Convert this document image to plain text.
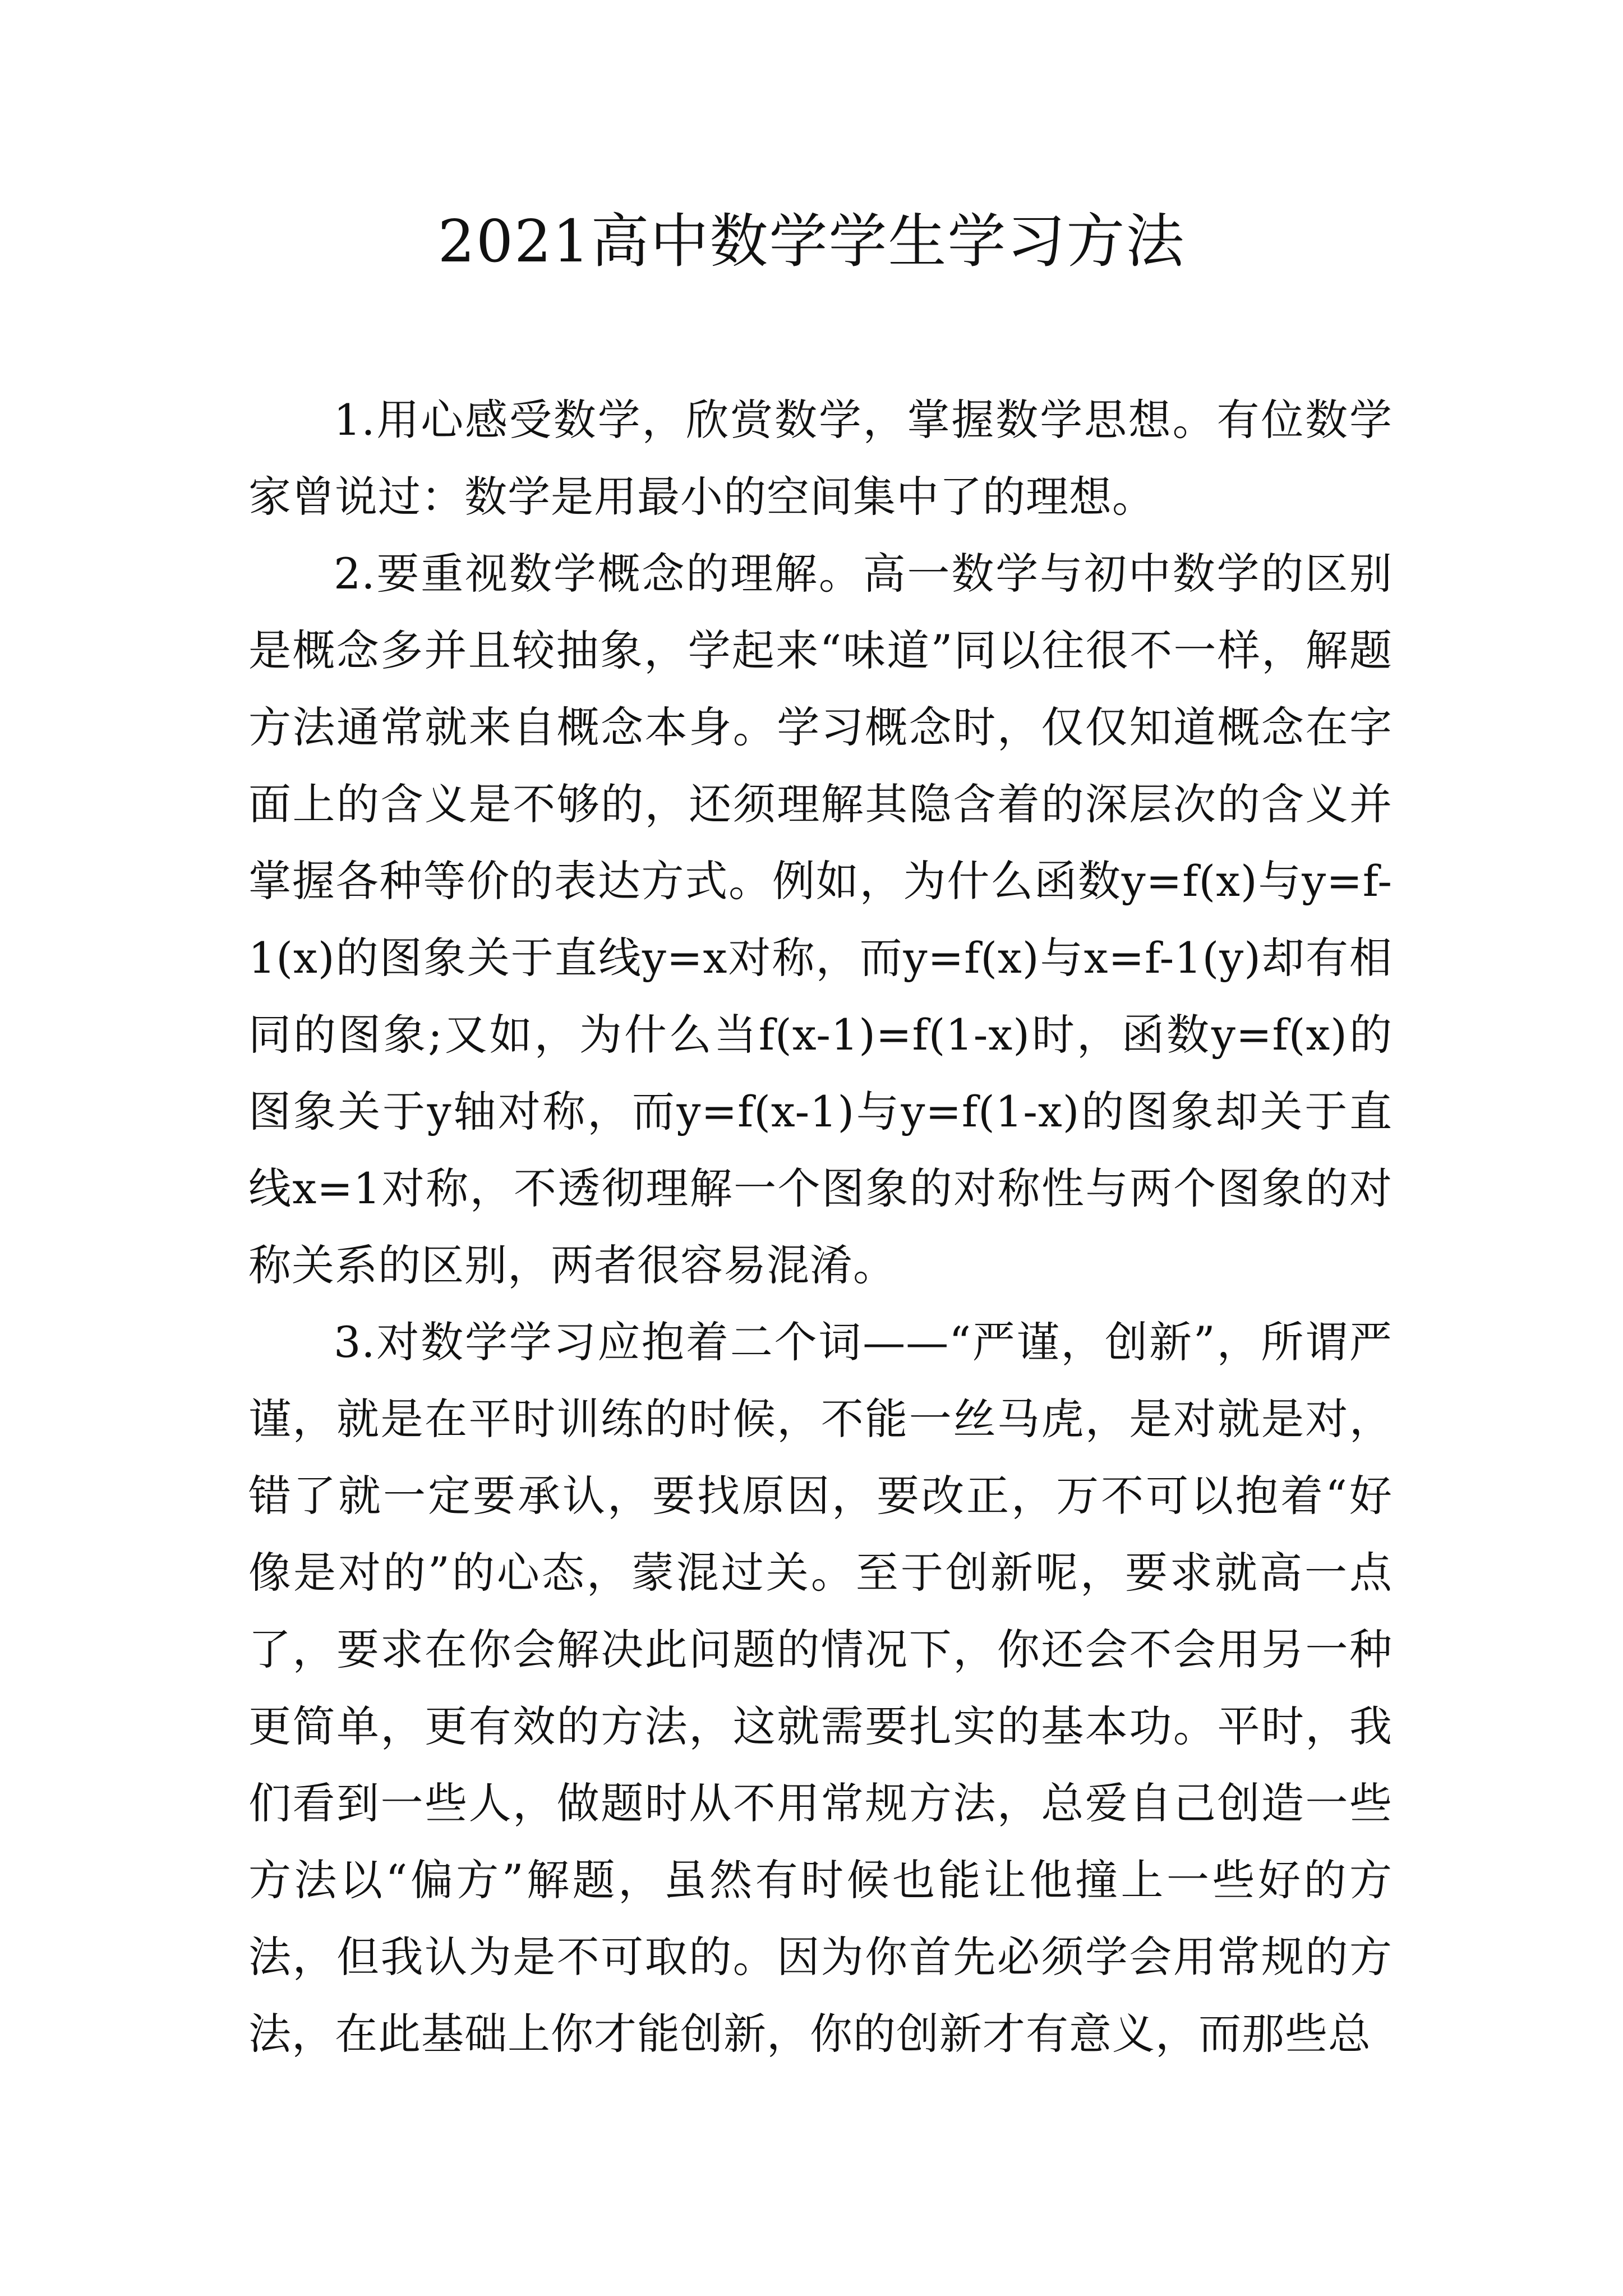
2021高中数学学生学习方法

1.用心感受数学，欣赏数学，掌握数学思想。有位数学家曾说过：数学是用最小的空间集中了的理想。

2.要重视数学概念的理解。高一数学与初中数学的区别是概念多并且较抽象，学起来“味道”同以往很不一样，解题方法通常就来自概念本身。学习概念时，仅仅知道概念在字面上的含义是不够的，还须理解其隐含着的深层次的含义并掌握各种等价的表达方式。例如，为什么函数y=f(x)与y=f-1(x)的图象关于直线y=x对称，而y=f(x)与x=f-1(y)却有相同的图象;又如，为什么当f(x-1)=f(1-x)时，函数y=f(x)的图象关于y轴对称，而y=f(x-1)与y=f(1-x)的图象却关于直线x=1对称，不透彻理解一个图象的对称性与两个图象的对称关系的区别，两者很容易混淆。

3.对数学学习应抱着二个词——“严谨，创新”，所谓严谨，就是在平时训练的时候，不能一丝马虎，是对就是对，错了就一定要承认，要找原因，要改正，万不可以抱着“好像是对的”的心态，蒙混过关。至于创新呢，要求就高一点了，要求在你会解决此问题的情况下，你还会不会用另一种更简单，更有效的方法，这就需要扎实的基本功。平时，我们看到一些人，做题时从不用常规方法，总爱自己创造一些方法以“偏方”解题，虽然有时候也能让他撞上一些好的方法，但我认为是不可取的。因为你首先必须学会用常规的方法，在此基础上你才能创新，你的创新才有意义，而那些总
